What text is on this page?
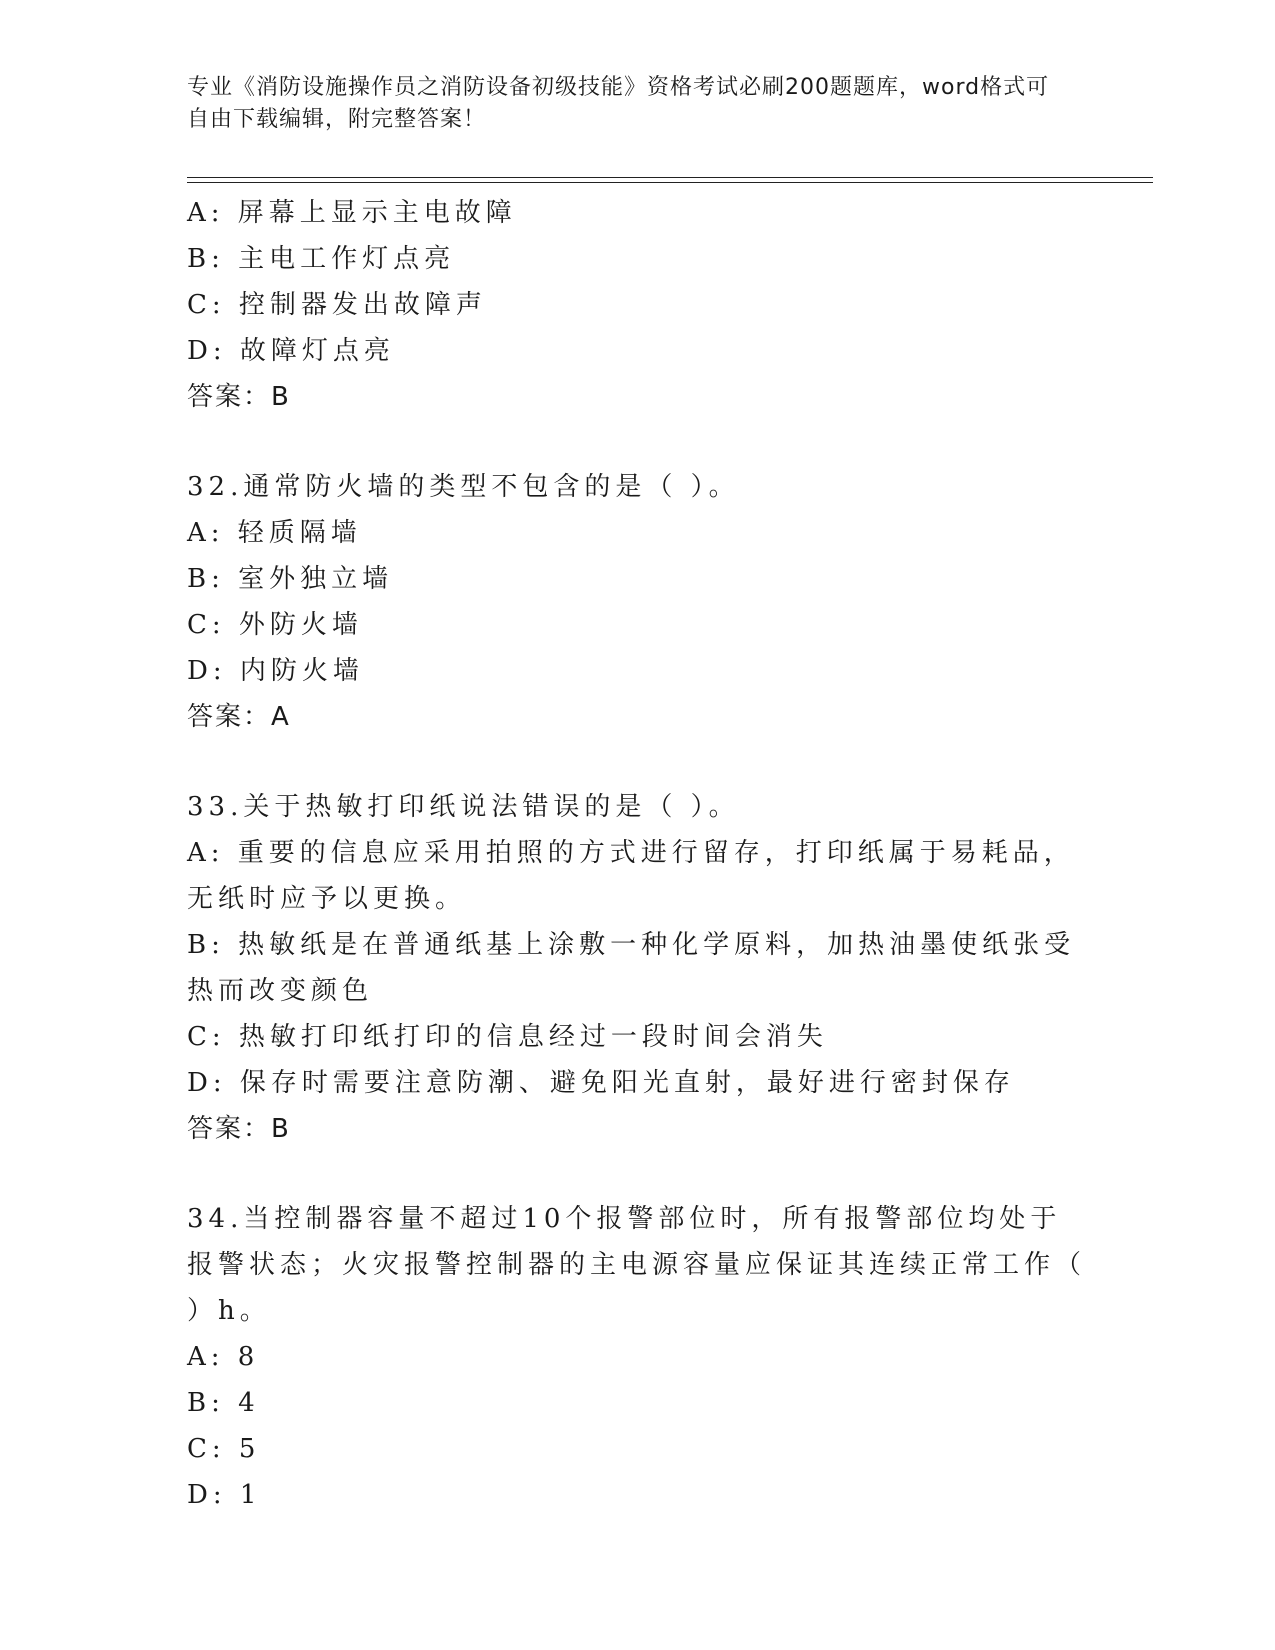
专业《消防设施操作员之消防设备初级技能》资格考试必刷200题题库，word格式可自由下载编辑，附完整答案！
A: 屏幕上显示主电故障
B: 主电工作灯点亮
C: 控制器发出故障声
D: 故障灯点亮
答案：B
32.通常防火墙的类型不包含的是（ ）。
A: 轻质隔墙
B: 室外独立墙
C: 外防火墙
D: 内防火墙
答案：A
33.关于热敏打印纸说法错误的是（ ）。
A: 重要的信息应采用拍照的方式进行留存，打印纸属于易耗品，无纸时应予以更换。
B: 热敏纸是在普通纸基上涂敷一种化学原料，加热油墨使纸张受热而改变颜色
C: 热敏打印纸打印的信息经过一段时间会消失
D: 保存时需要注意防潮、避免阳光直射，最好进行密封保存
答案：B
34.当控制器容量不超过10个报警部位时，所有报警部位均处于报警状态；火灾报警控制器的主电源容量应保证其连续正常工作（ ）h。
A: 8
B: 4
C: 5
D: 1
